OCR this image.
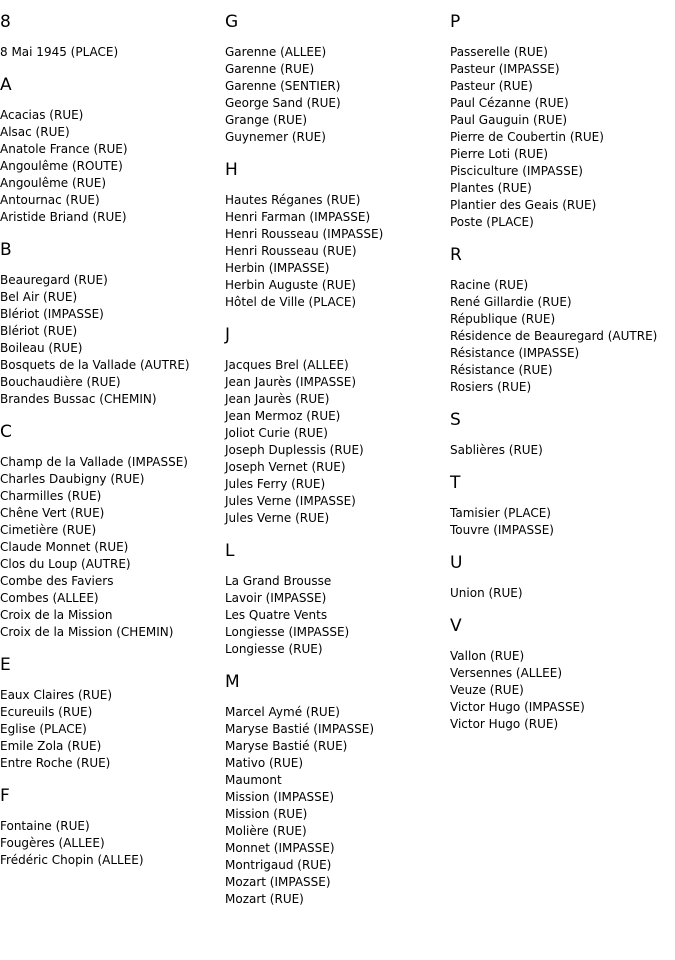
8
8 Mai 1945 (PLACE)
A
Acacias (RUE)
Alsac (RUE)
Anatole France (RUE)
Angoulême (ROUTE)
Angoulême (RUE)
Antournac (RUE)
Aristide Briand (RUE)
B
Beauregard (RUE)
Bel Air (RUE)
Blériot (IMPASSE)
Blériot (RUE)
Boileau (RUE)
Bosquets de la Vallade (AUTRE)
Bouchaudière (RUE)
Brandes Bussac (CHEMIN)
C
Champ de la Vallade (IMPASSE)
Charles Daubigny (RUE)
Charmilles (RUE)
Chêne Vert (RUE)
Cimetière (RUE)
Claude Monnet (RUE)
Clos du Loup (AUTRE)
Combe des Faviers
Combes (ALLEE)
Croix de la Mission
Croix de la Mission (CHEMIN)
E
Eaux Claires (RUE)
Ecureuils (RUE)
Eglise (PLACE)
Emile Zola (RUE)
Entre Roche (RUE)
F
Fontaine (RUE)
Fougères (ALLEE)
Frédéric Chopin (ALLEE)
G
Garenne (ALLEE)
Garenne (RUE)
Garenne (SENTIER)
George Sand (RUE)
Grange (RUE)
Guynemer (RUE)
H
Hautes Réganes (RUE)
Henri Farman (IMPASSE)
Henri Rousseau (IMPASSE)
Henri Rousseau (RUE)
Herbin (IMPASSE)
Herbin Auguste (RUE)
Hôtel de Ville (PLACE)
J
Jacques Brel (ALLEE)
Jean Jaurès (IMPASSE)
Jean Jaurès (RUE)
Jean Mermoz (RUE)
Joliot Curie (RUE)
Joseph Duplessis (RUE)
Joseph Vernet (RUE)
Jules Ferry (RUE)
Jules Verne (IMPASSE)
Jules Verne (RUE)
L
La Grand Brousse
Lavoir (IMPASSE)
Les Quatre Vents
Longiesse (IMPASSE)
Longiesse (RUE)
M
Marcel Aymé (RUE)
Maryse Bastié (IMPASSE)
Maryse Bastié (RUE)
Mativo (RUE)
Maumont
Mission (IMPASSE)
Mission (RUE)
Molière (RUE)
Monnet (IMPASSE)
Montrigaud (RUE)
Mozart (IMPASSE)
Mozart (RUE)
P
Passerelle (RUE)
Pasteur (IMPASSE)
Pasteur (RUE)
Paul Cézanne (RUE)
Paul Gauguin (RUE)
Pierre de Coubertin (RUE)
Pierre Loti (RUE)
Pisciculture (IMPASSE)
Plantes (RUE)
Plantier des Geais (RUE)
Poste (PLACE)
R
Racine (RUE)
René Gillardie (RUE)
République (RUE)
Résidence de Beauregard (AUTRE)
Résistance (IMPASSE)
Résistance (RUE)
Rosiers (RUE)
S
Sablières (RUE)
T
Tamisier (PLACE)
Touvre (IMPASSE)
U
Union (RUE)
V
Vallon (RUE)
Versennes (ALLEE)
Veuze (RUE)
Victor Hugo (IMPASSE)
Victor Hugo (RUE)
